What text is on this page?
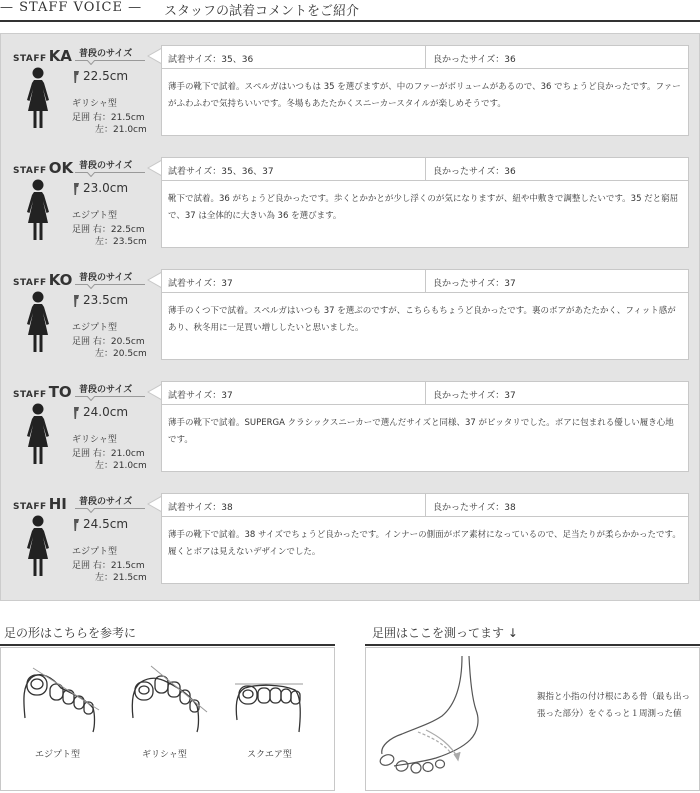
— STAFF VOICE — スタッフの試着コメントをご紹介
STAFF KA 普段のサイズ
22.5cm
ギリシャ型
足囲 右：21.5cm
左：21.0cm
試着サイズ：35、36	良かったサイズ：36

薄手の靴下で試着。スペルガはいつもは 35 を選びますが、中のファーがボリュームがあるので、36 でちょうど良かったです。ファーがふわふわで気持ちいいです。冬場もあたたかくスニーカースタイルが楽しめそうです。

STAFF OK 普段のサイズ
23.0cm
エジプト型
足囲 右：22.5cm
左：23.5cm
試着サイズ：35、36、37	良かったサイズ：36

靴下で試着。36 がちょうど良かったです。歩くとかかとが少し浮くのが気になりますが、紐や中敷きで調整したいです。35 だと窮屈で、37 は全体的に大きい為 36 を選びます。

STAFF KO 普段のサイズ
23.5cm
エジプト型
足囲 右：20.5cm
左：20.5cm
試着サイズ：37	良かったサイズ：37

薄手のくつ下で試着。スペルガはいつも 37 を選ぶのですが、こちらもちょうど良かったです。裏のボアがあたたかく、フィット感があり、秋冬用に一足買い増ししたいと思いました。

STAFF TO 普段のサイズ
24.0cm
ギリシャ型
足囲 右：21.0cm
左：21.0cm
試着サイズ：37	良かったサイズ：37

薄手の靴下で試着。SUPERGA クラシックスニーカーで選んだサイズと同様、37 がピッタリでした。ボアに包まれる優しい履き心地です。

STAFF HI 普段のサイズ
24.5cm
エジプト型
足囲 右：21.5cm
左：21.5cm
試着サイズ：38	良かったサイズ：38

薄手の靴下で試着。38 サイズでちょうど良かったです。インナーの側面がボア素材になっているので、足当たりが柔らかかったです。履くとボアは見えないデザインでした。

足の形はこちらを参考に
エジプト型	ギリシャ型	スクエア型
足囲はここを測ってます ↓

親指と小指の付け根にある骨（最も出っ張った部分）をぐるっと１周測った値
